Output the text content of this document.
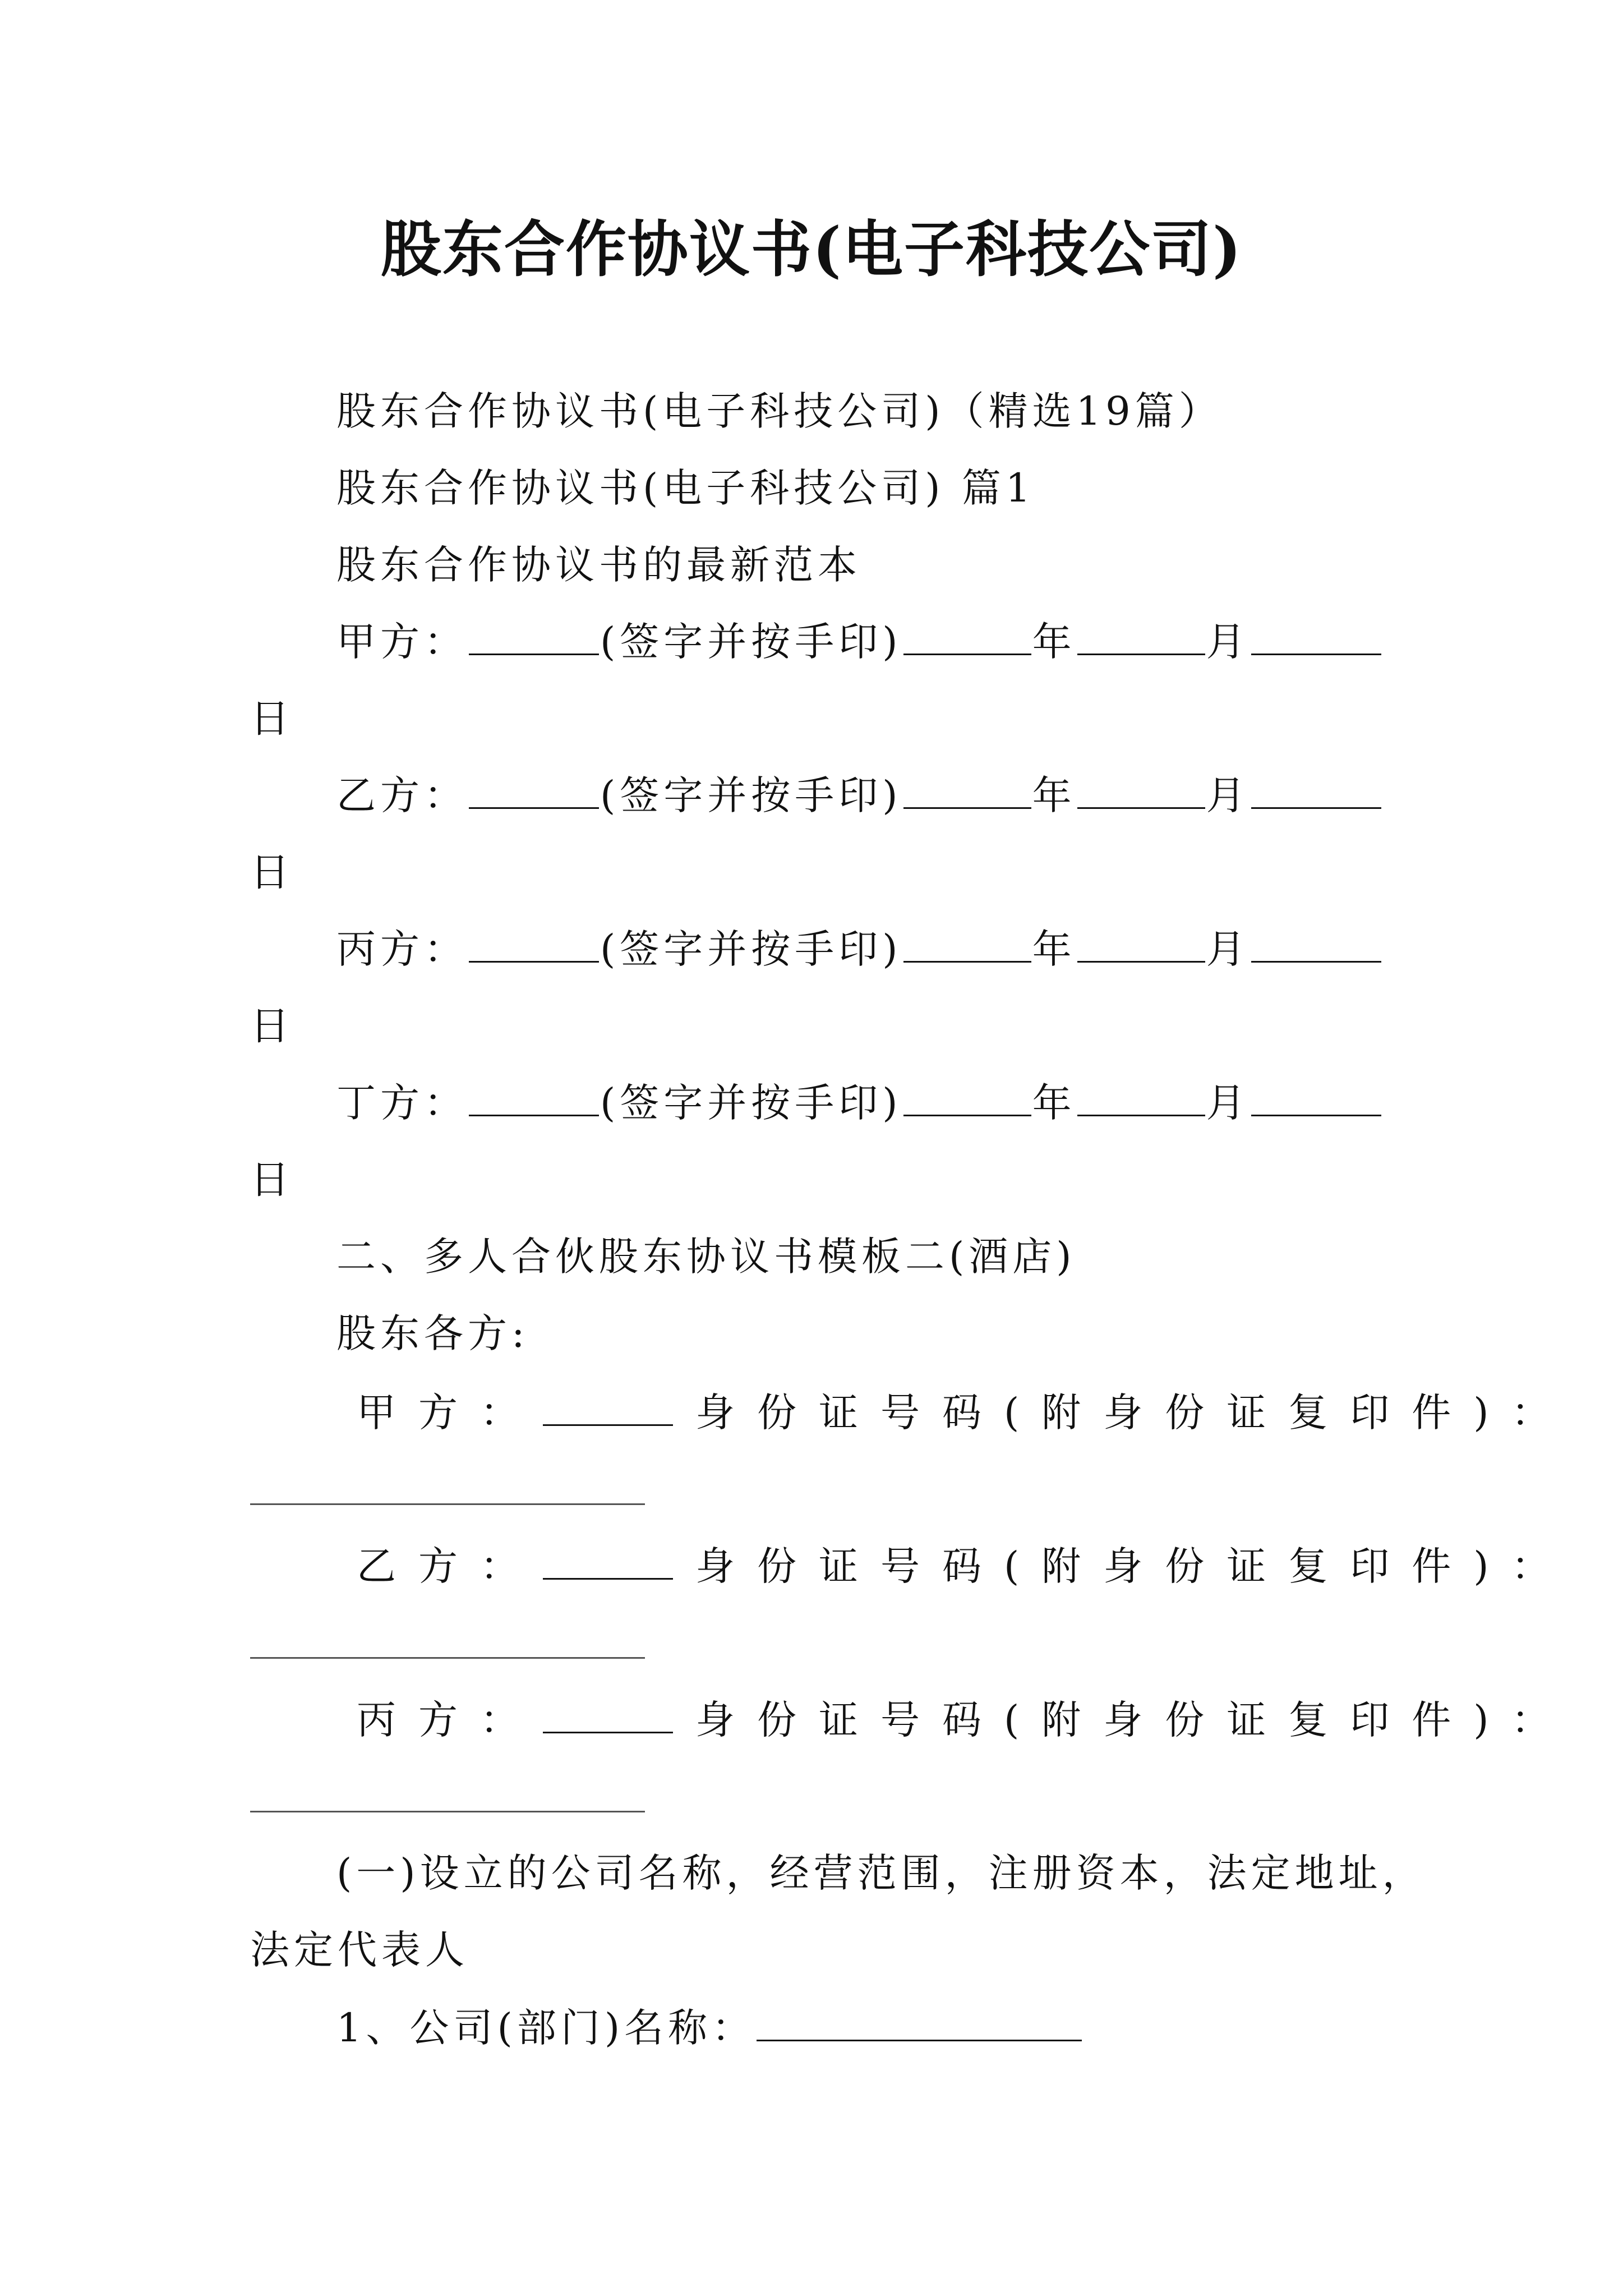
股东合作协议书(电子科技公司)
股东合作协议书(电子科技公司)（精选19篇）
股东合作协议书(电子科技公司) 篇1
股东合作协议书的最新范本
甲方：	(签字并按手印)	年	月
日
乙方：	(签字并按手印)	年	月
日
丙方：	(签字并按手印)	年	月
日
丁方：	(签字并按手印)	年	月
日
二、多人合伙股东协议书模板二(酒店)
股东各方:
甲方：	身份证号码(附身份证复印件)：
乙方：	身份证号码(附身份证复印件)：
丙方：	身份证号码(附身份证复印件)：
(一)设立的公司名称，经营范围，注册资本，法定地址，
法定代表人
1、公司(部门)名称：
